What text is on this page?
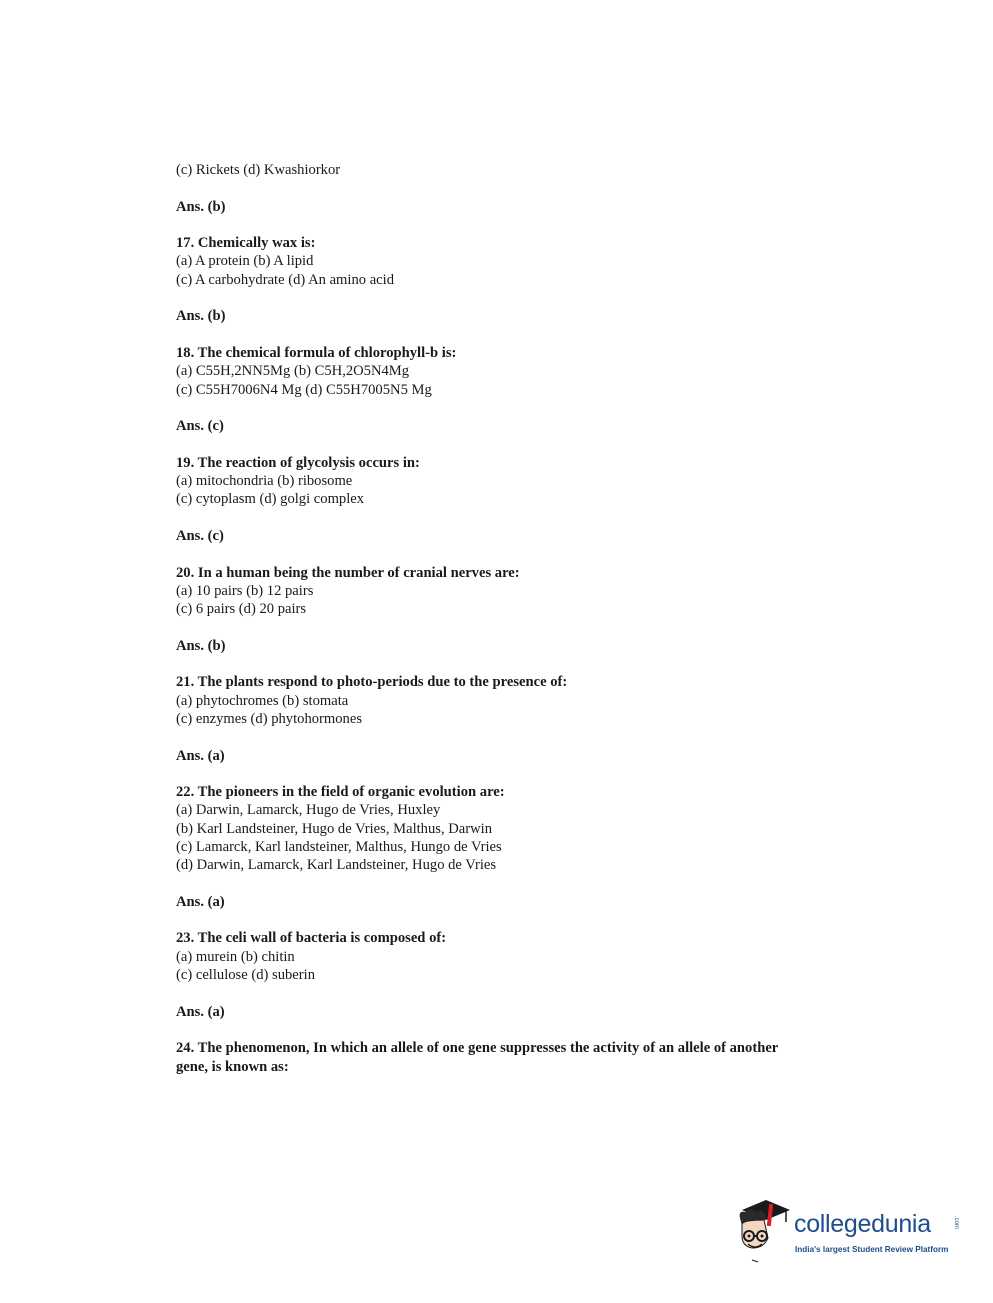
(c) Rickets (d) Kwashiorkor
Ans. (b)
17. Chemically wax is:
(a) A protein (b) A lipid
(c) A carbohydrate (d) An amino acid
Ans. (b)
18. The chemical formula of chlorophyll-b is:
(a) C55H,2NN5Mg (b) C5H,2O5N4Mg
(c) C55H7006N4 Mg (d) C55H7005N5 Mg
Ans. (c)
19. The reaction of glycolysis occurs in:
(a) mitochondria (b) ribosome
(c) cytoplasm (d) golgi complex
Ans. (c)
20. In a human being the number of cranial nerves are:
(a) 10 pairs (b) 12 pairs
(c) 6 pairs (d) 20 pairs
Ans. (b)
21. The plants respond to photo-periods due to the presence of:
(a) phytochromes (b) stomata
(c) enzymes (d) phytohormones
Ans. (a)
22. The pioneers in the field of organic evolution are:
(a) Darwin, Lamarck, Hugo de Vries, Huxley
(b) Karl Landsteiner, Hugo de Vries, Malthus, Darwin
(c) Lamarck, Karl landsteiner, Malthus, Hungo de Vries
(d) Darwin, Lamarck, Karl Landsteiner, Hugo de Vries
Ans. (a)
23. The celi wall of bacteria is composed of:
(a) murein (b) chitin
(c) cellulose (d) suberin
Ans. (a)
24. The phenomenon, In which an allele of one gene suppresses the activity of an allele of another
gene, is known as:
collegedunia	.com
India's largest Student Review Platform
